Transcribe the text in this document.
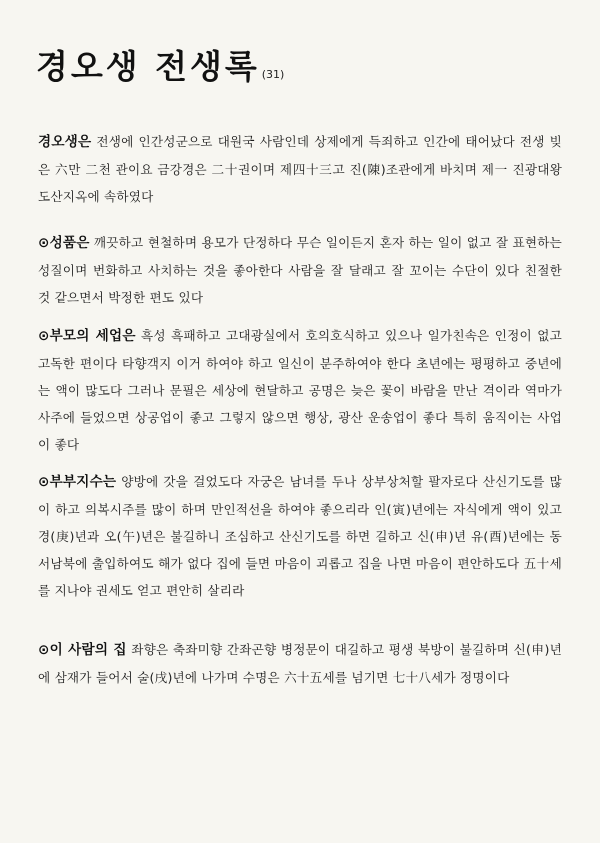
경오생 전생록 (31)
경오생은 전생에 인간성군으로 대원국 사람인데 상제에게 득죄하고 인간에 태어났다 전생 빚은 六만 二천 관이요 금강경은 二十권이며 제四十三고 진(陳)조관에게 바치며 제一 진광대왕 도산지옥에 속하였다
⊙성품은 깨끗하고 현철하며 용모가 단정하다 무슨 일이든지 혼자 하는 일이 없고 잘 표현하는 성질이며 번화하고 사치하는 것을 좋아한다 사람을 잘 달래고 잘 꼬이는 수단이 있다 친절한 것 같으면서 박정한 편도 있다
⊙부모의 세업은 흑성 흑패하고 고대광실에서 호의호식하고 있으나 일가친속은 인정이 없고 고독한 편이다 타향객지 이거 하여야 하고 일신이 분주하여야 한다 초년에는 평평하고 중년에는 액이 많도다 그러나 문필은 세상에 현달하고 공명은 늦은 꽃이 바람을 만난 격이라 역마가 사주에 들었으면 상공업이 좋고 그렇지 않으면 행상, 광산 운송업이 좋다 특히 움직이는 사업이 좋다
⊙부부지수는 양방에 갓을 걸었도다 자궁은 남녀를 두나 상부상처할 팔자로다 산신기도를 많이 하고 의복시주를 많이 하며 만인적선을 하여야 좋으리라 인(寅)년에는 자식에게 액이 있고 경(庚)년과 오(午)년은 불길하니 조심하고 산신기도를 하면 길하고 신(申)년 유(酉)년에는 동서남북에 출입하여도 해가 없다 집에 들면 마음이 괴롭고 집을 나면 마음이 편안하도다 五十세를 지나야 권세도 얻고 편안히 살리라
⊙이 사람의 집 좌향은 축좌미향 간좌곤향 병정문이 대길하고 평생 북방이 불길하며 신(申)년에 삼재가 들어서 술(戌)년에 나가며 수명은 六十五세를 넘기면 七十八세가 정명이다
